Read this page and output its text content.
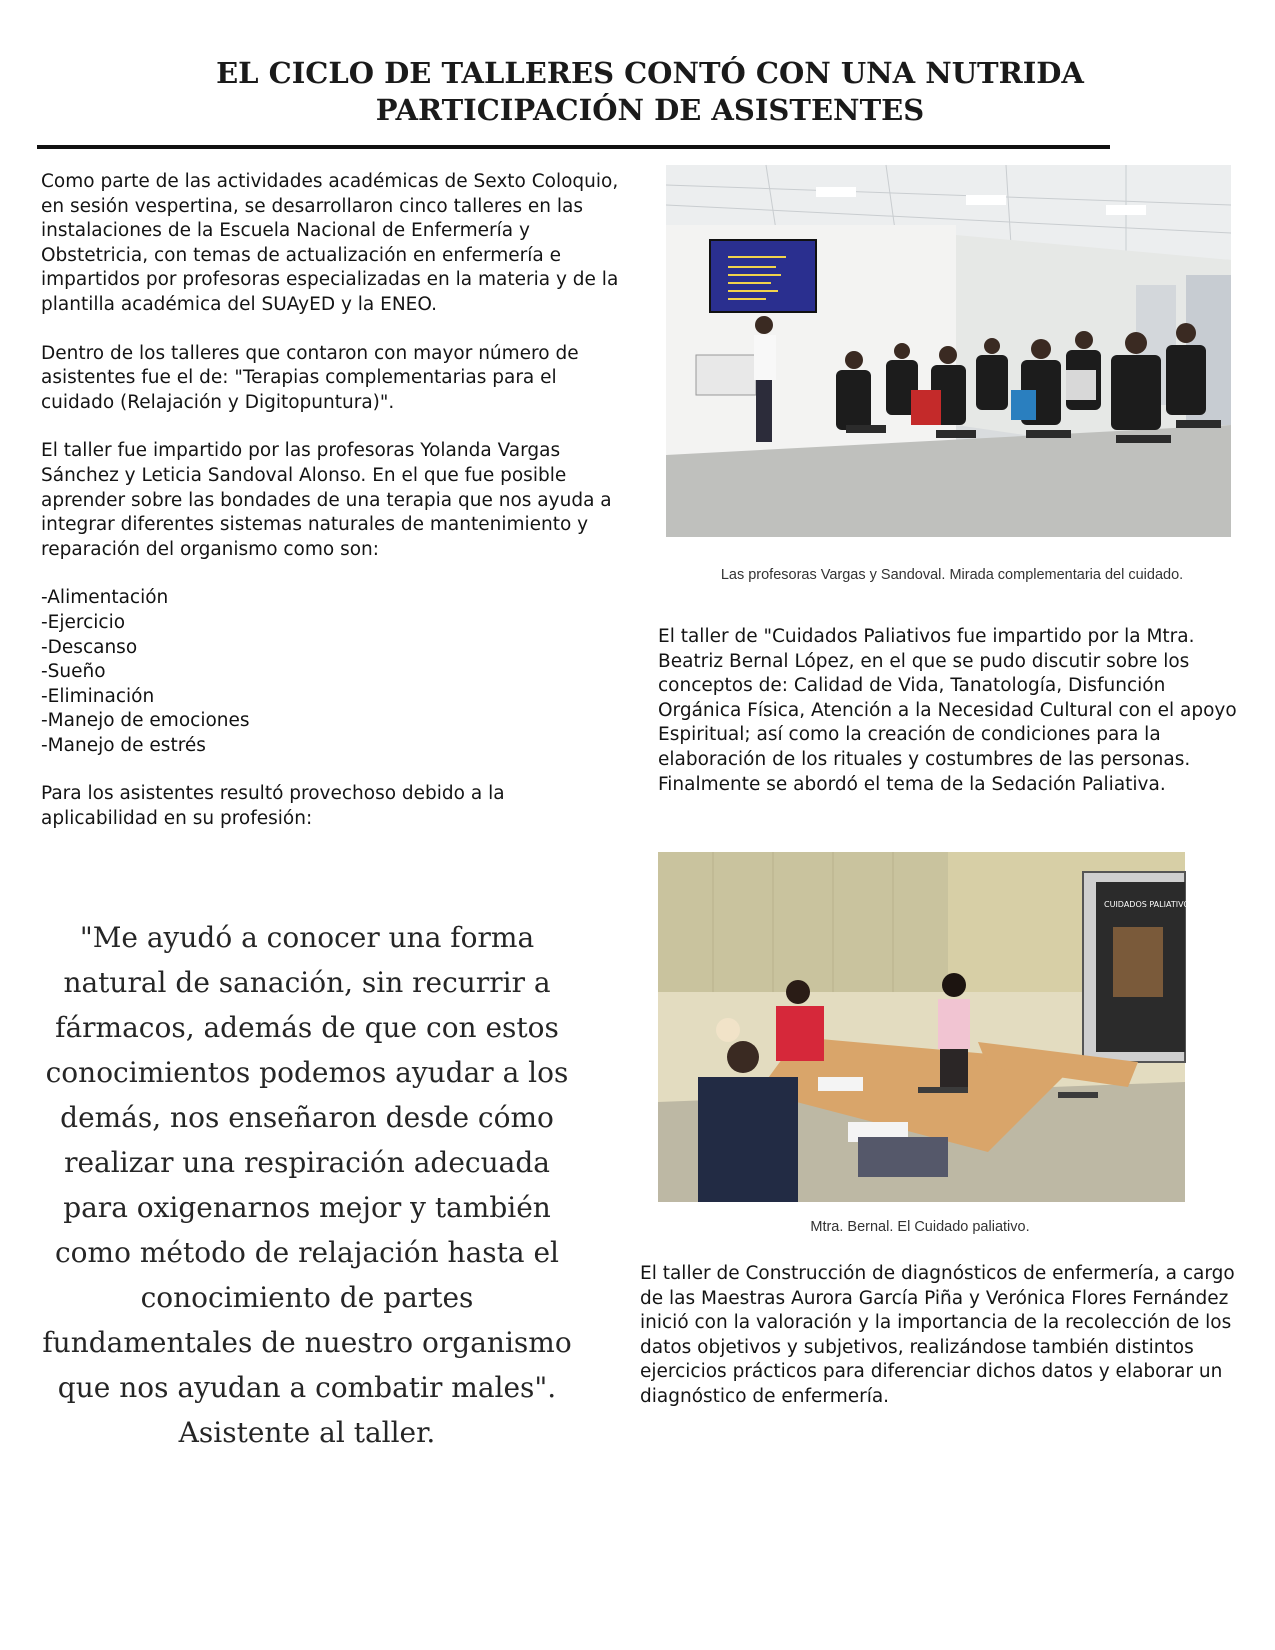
EL CICLO DE TALLERES CONTÓ CON UNA NUTRIDA
PARTICIPACIÓN DE ASISTENTES

Como parte de las actividades académicas de Sexto Coloquio, en sesión vespertina, se desarrollaron cinco talleres en las instalaciones de la Escuela Nacional de Enfermería y Obstetricia, con temas de actualización en enfermería e impartidos por profesoras especializadas en la materia y de la plantilla académica del SUAyED y la ENEO.

Dentro de los talleres que contaron con mayor número de asistentes fue el de: "Terapias complementarias para el cuidado (Relajación y Digitopuntura)".

El taller fue impartido por las profesoras Yolanda Vargas Sánchez y Leticia Sandoval Alonso. En el que fue posible aprender sobre las bondades de una terapia que nos ayuda a integrar diferentes sistemas naturales de mantenimiento y reparación del organismo como son:

-Alimentación
-Ejercicio
-Descanso
-Sueño
-Eliminación
-Manejo de emociones
-Manejo de estrés

Para los asistentes resultó provechoso debido a la aplicabilidad en su profesión:

"Me ayudó a conocer una forma natural de sanación, sin recurrir a fármacos, además de que con estos conocimientos podemos ayudar a los demás, nos enseñaron desde cómo realizar una respiración adecuada para oxigenarnos mejor y también como método de relajación hasta el conocimiento de partes fundamentales de nuestro organismo que nos ayudan a combatir males". Asistente al taller.
Las profesoras Vargas y Sandoval. Mirada complementaria del cuidado.
El taller de "Cuidados Paliativos fue impartido por la Mtra. Beatriz Bernal López, en el que se pudo discutir sobre los conceptos de: Calidad de Vida, Tanatología, Disfunción Orgánica Física, Atención a la Necesidad Cultural con el apoyo Espiritual; así como la creación de condiciones para la elaboración de los rituales y costumbres de las personas. Finalmente se abordó el tema de la Sedación Paliativa.
CUIDADOS PALIATIVOS
Mtra. Bernal. El Cuidado paliativo.
El taller de Construcción de diagnósticos de enfermería, a cargo de las Maestras Aurora García Piña y Verónica Flores Fernández inició con la valoración y la importancia de la recolección de los datos objetivos y subjetivos, realizándose también distintos ejercicios prácticos para diferenciar dichos datos y elaborar un diagnóstico de enfermería.
